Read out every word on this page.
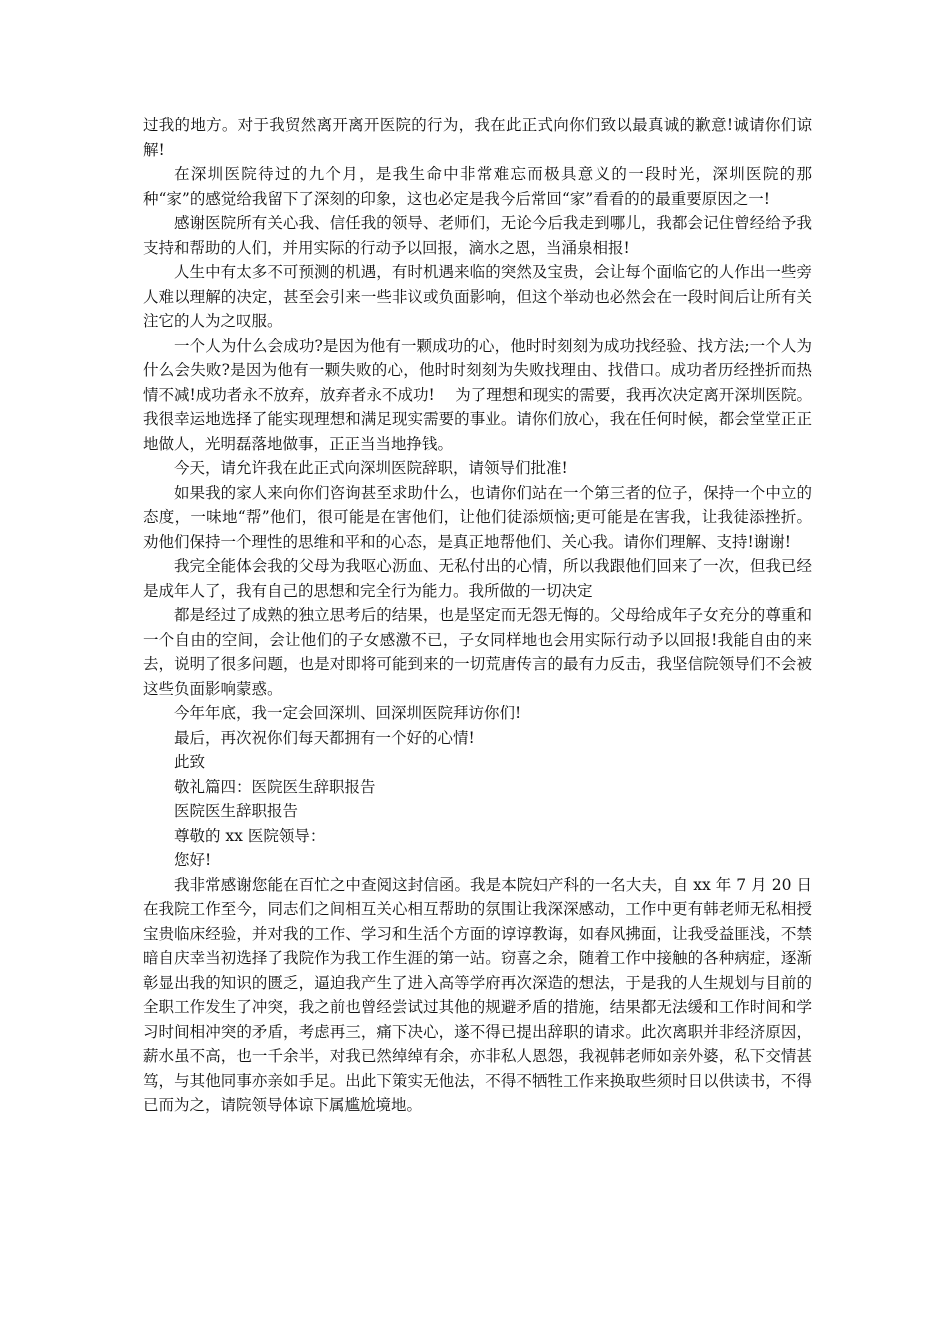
过我的地方。对于我贸然离开离开医院的行为，我在此正式向你们致以最真诚的歉意!诚请你们谅解!

在深圳医院待过的九个月，是我生命中非常难忘而极具意义的一段时光，深圳医院的那种“家”的感觉给我留下了深刻的印象，这也必定是我今后常回“家”看看的的最重要原因之一!

感谢医院所有关心我、信任我的领导、老师们，无论今后我走到哪儿，我都会记住曾经给予我支持和帮助的人们，并用实际的行动予以回报，滴水之恩，当涌泉相报!

人生中有太多不可预测的机遇，有时机遇来临的突然及宝贵，会让每个面临它的人作出一些旁人难以理解的决定，甚至会引来一些非议或负面影响，但这个举动也必然会在一段时间后让所有关注它的人为之叹服。

一个人为什么会成功?是因为他有一颗成功的心，他时时刻刻为成功找经验、找方法;一个人为什么会失败?是因为他有一颗失败的心，他时时刻刻为失败找理由、找借口。成功者历经挫折而热情不减!成功者永不放弃，放弃者永不成功!　 为了理想和现实的需要，我再次决定离开深圳医院。我很幸运地选择了能实现理想和满足现实需要的事业。请你们放心，我在任何时候，都会堂堂正正地做人，光明磊落地做事，正正当当地挣钱。

今天，请允许我在此正式向深圳医院辞职，请领导们批准!

如果我的家人来向你们咨询甚至求助什么，也请你们站在一个第三者的位子，保持一个中立的态度，一味地“帮”他们，很可能是在害他们，让他们徒添烦恼;更可能是在害我，让我徒添挫折。劝他们保持一个理性的思维和平和的心态，是真正地帮他们、关心我。请你们理解、支持!谢谢!

我完全能体会我的父母为我呕心沥血、无私付出的心情，所以我跟他们回来了一次，但我已经是成年人了，我有自己的思想和完全行为能力。我所做的一切决定

都是经过了成熟的独立思考后的结果，也是坚定而无怨无悔的。父母给成年子女充分的尊重和一个自由的空间，会让他们的子女感激不已，子女同样地也会用实际行动予以回报!我能自由的来去，说明了很多问题，也是对即将可能到来的一切荒唐传言的最有力反击，我坚信院领导们不会被这些负面影响蒙惑。

今年年底，我一定会回深圳、回深圳医院拜访你们!

最后，再次祝你们每天都拥有一个好的心情!

此致

敬礼篇四：医院医生辞职报告

医院医生辞职报告

尊敬的 xx 医院领导：

您好!

我非常感谢您能在百忙之中查阅这封信函。我是本院妇产科的一名大夫，自 xx 年 7 月 20 日在我院工作至今，同志们之间相互关心相互帮助的氛围让我深深感动，工作中更有韩老师无私相授宝贵临床经验，并对我的工作、学习和生活个方面的谆谆教诲，如春风拂面，让我受益匪浅，不禁暗自庆幸当初选择了我院作为我工作生涯的第一站。窃喜之余，随着工作中接触的各种病症，逐渐彰显出我的知识的匮乏，逼迫我产生了进入高等学府再次深造的想法，于是我的人生规划与目前的全职工作发生了冲突，我之前也曾经尝试过其他的规避矛盾的措施，结果都无法缓和工作时间和学习时间相冲突的矛盾，考虑再三，痛下决心，遂不得已提出辞职的请求。此次离职并非经济原因，薪水虽不高，也一千余半，对我已然绰绰有余，亦非私人恩怨，我视韩老师如亲外婆，私下交情甚笃，与其他同事亦亲如手足。出此下策实无他法，不得不牺牲工作来换取些须时日以供读书，不得已而为之，请院领导体谅下属尴尬境地。
